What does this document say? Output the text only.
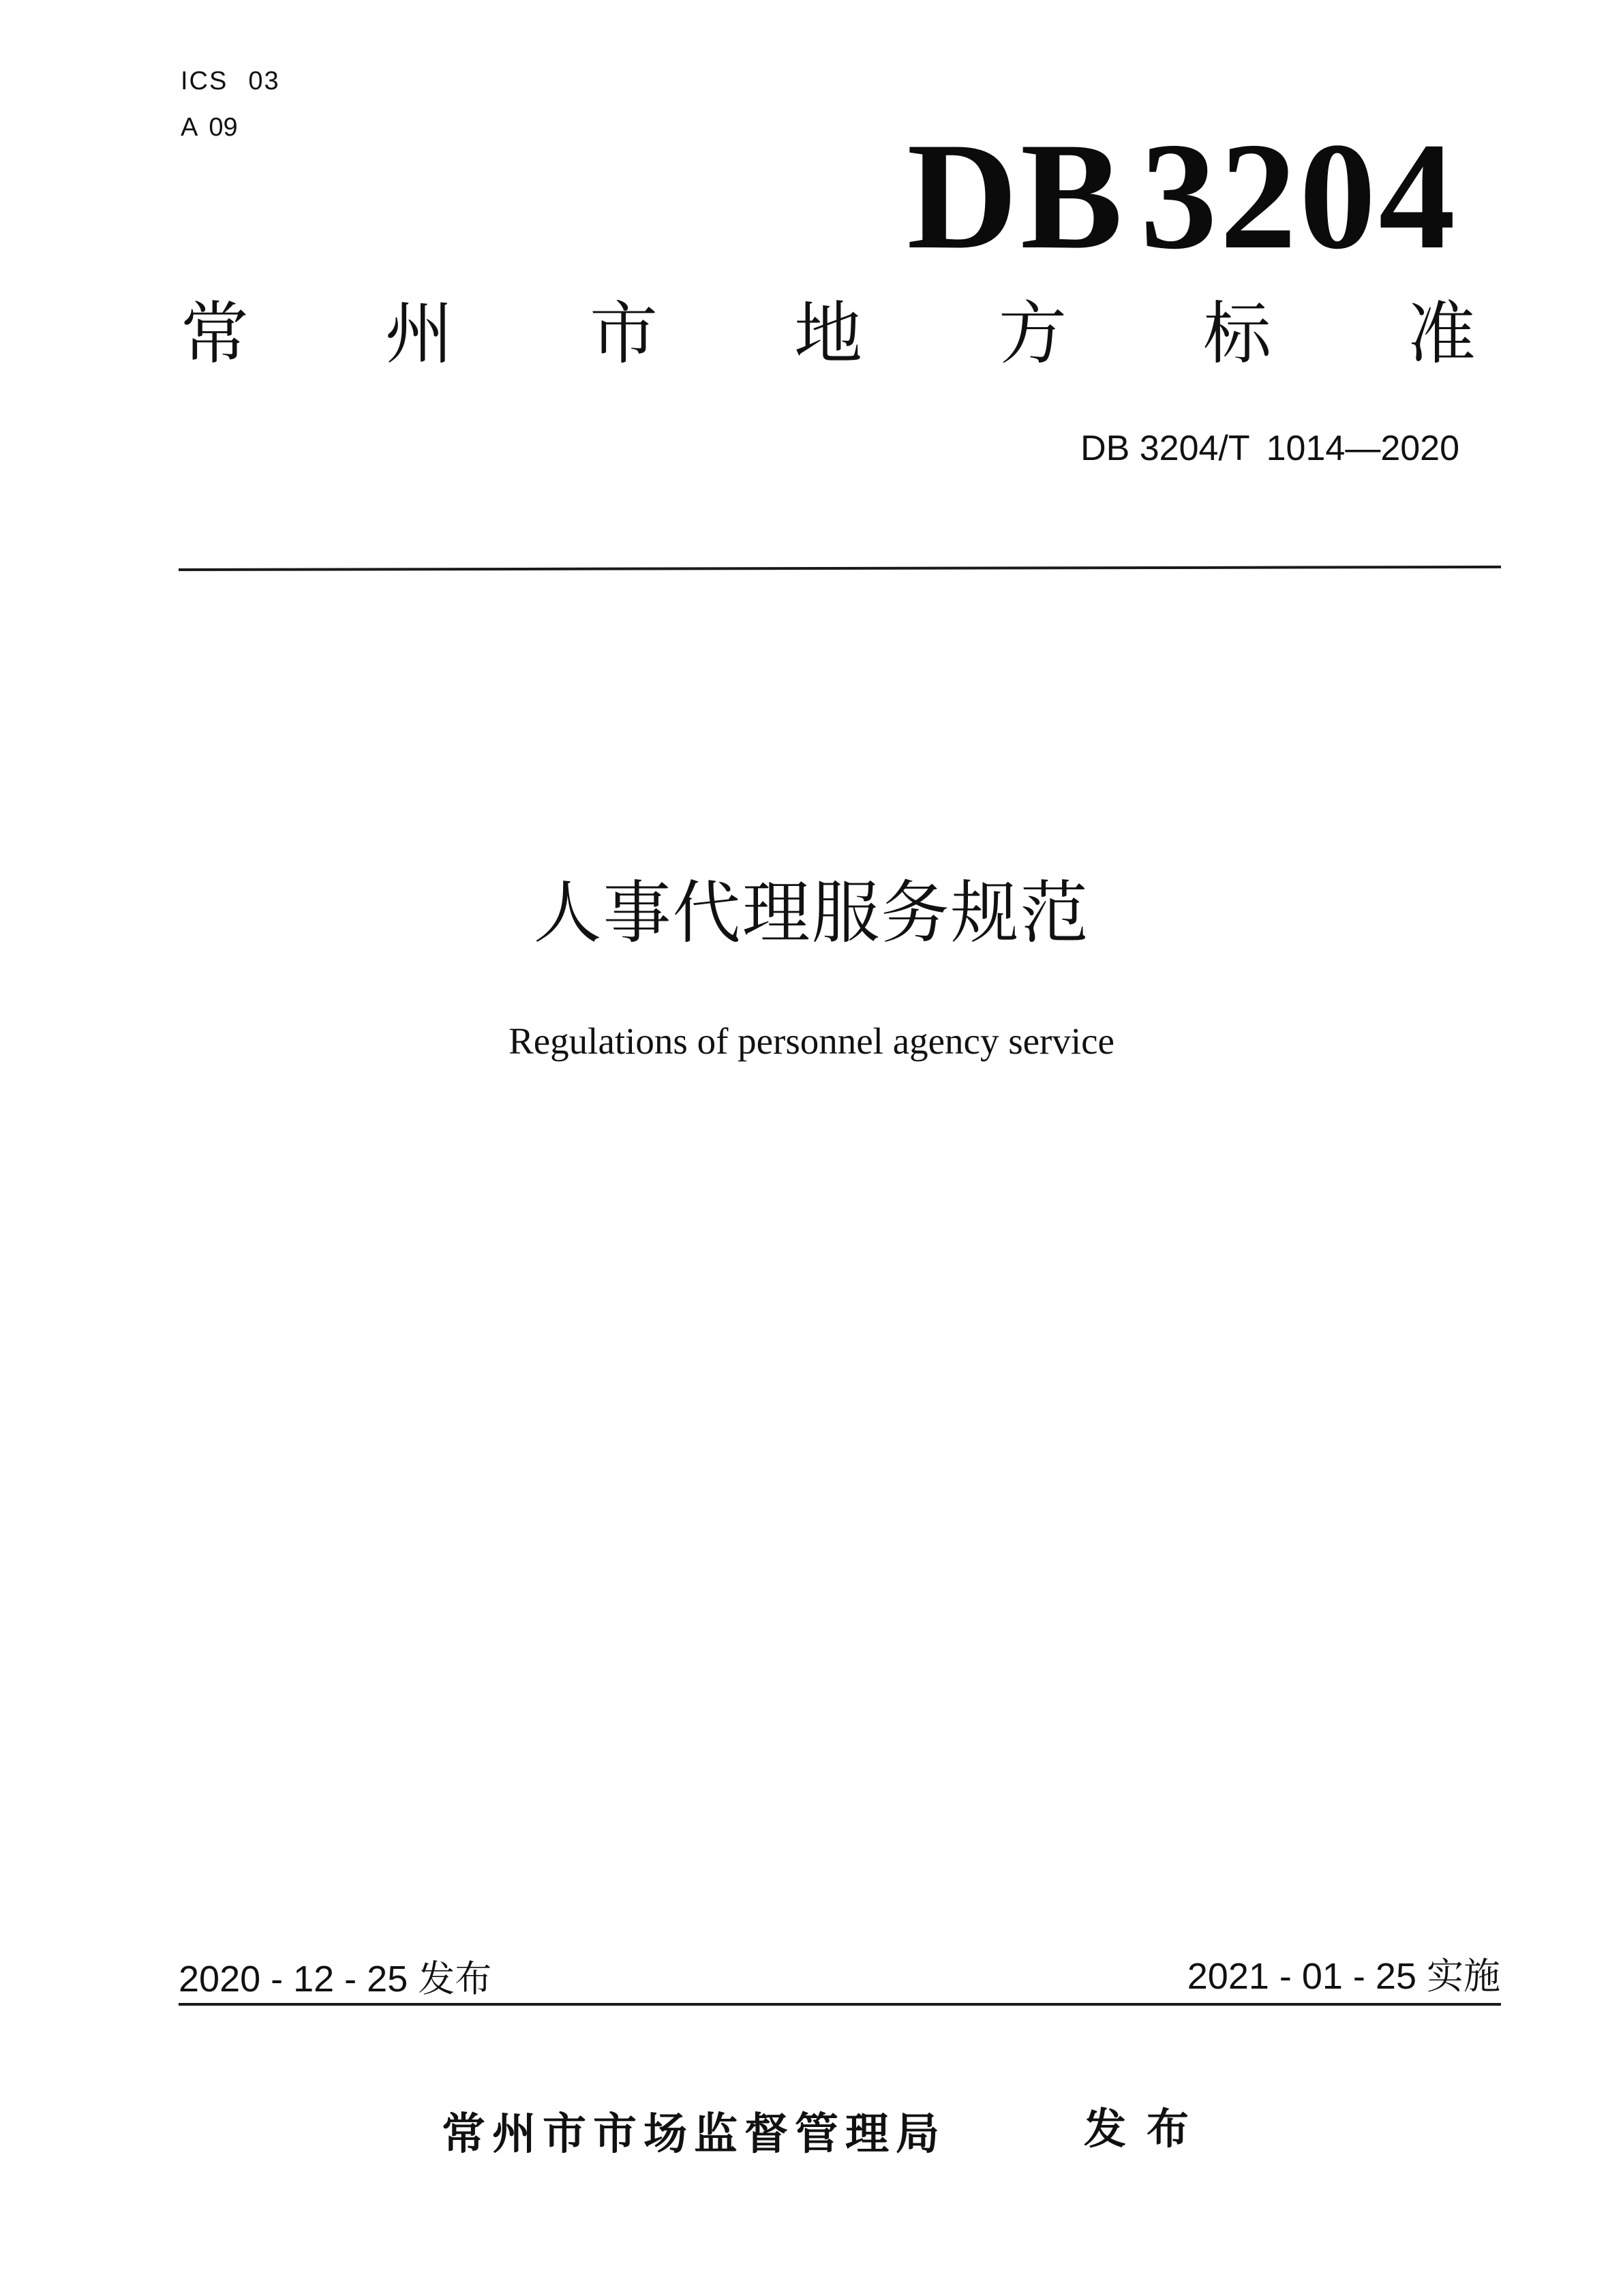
ICS 03
A 09	DB3204
常 州 市 地 方 标 准
DB 3204/T 1014—2020
人事代理服务规范
Regulations of personnel agency service
2020 - 12 - 25 发布	2021 - 01 - 25 实施
常州市市场监督管理局	发布
